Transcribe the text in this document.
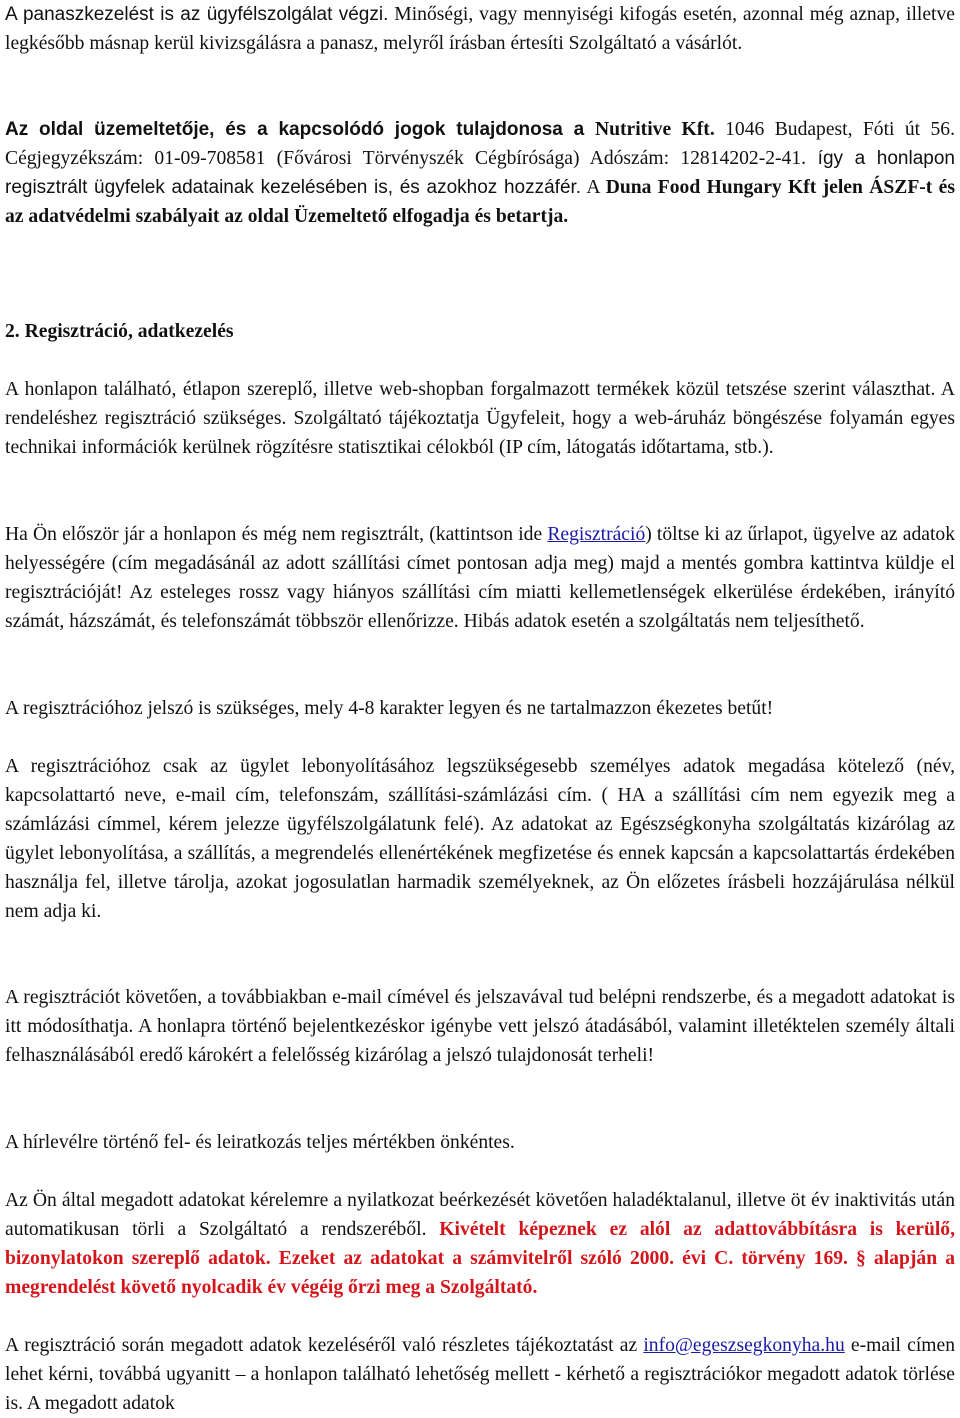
A panaszkezelést is az ügyfélszolgálat végzi. Minőségi, vagy mennyiségi kifogás esetén, azonnal még aznap, illetve legkésőbb másnap kerül kivizsgálásra a panasz, melyről írásban értesíti Szolgáltató a vásárlót.

Az oldal üzemeltetője, és a kapcsolódó jogok tulajdonosa a Nutritive Kft. 1046 Budapest, Fóti út 56. Cégjegyzékszám: 01-09-708581 (Fővárosi Törvényszék Cégbírósága) Adószám: 12814202-2-41. így a honlapon regisztrált ügyfelek adatainak kezelésében is, és azokhoz hozzáfér. A Duna Food Hungary Kft jelen ÁSZF-t és az adatvédelmi szabályait az oldal Üzemeltető elfogadja és betartja.

2. Regisztráció, adatkezelés

A honlapon található, étlapon szereplő, illetve web-shopban forgalmazott termékek közül tetszése szerint választhat. A rendeléshez regisztráció szükséges. Szolgáltató tájékoztatja Ügyfeleit, hogy a web-áruház böngészése folyamán egyes technikai információk kerülnek rögzítésre statisztikai célokból (IP cím, látogatás időtartama, stb.).

Ha Ön először jár a honlapon és még nem regisztrált, (kattintson ide Regisztráció) töltse ki az űrlapot, ügyelve az adatok helyességére (cím megadásánál az adott szállítási címet pontosan adja meg) majd a mentés gombra kattintva küldje el regisztrációját! Az esteleges rossz vagy hiányos szállítási cím miatti kellemetlenségek elkerülése érdekében, irányító számát, házszámát, és telefonszámát többször ellenőrizze. Hibás adatok esetén a szolgáltatás nem teljesíthető.

A regisztrációhoz jelszó is szükséges, mely 4-8 karakter legyen és ne tartalmazzon ékezetes betűt!

A regisztrációhoz csak az ügylet lebonyolításához legszükségesebb személyes adatok megadása kötelező (név, kapcsolattartó neve, e-mail cím, telefonszám, szállítási-számlázási cím. ( HA a szállítási cím nem egyezik meg a számlázási címmel, kérem jelezze ügyfélszolgálatunk felé). Az adatokat az Egészségkonyha szolgáltatás kizárólag az ügylet lebonyolítása, a szállítás, a megrendelés ellenértékének megfizetése és ennek kapcsán a kapcsolattartás érdekében használja fel, illetve tárolja, azokat jogosulatlan harmadik személyeknek, az Ön előzetes írásbeli hozzájárulása nélkül nem adja ki.

A regisztrációt követően, a továbbiakban e-mail címével és jelszavával tud belépni rendszerbe, és a megadott adatokat is itt módosíthatja. A honlapra történő bejelentkezéskor igénybe vett jelszó átadásából, valamint illetéktelen személy általi felhasználásából eredő károkért a felelősség kizárólag a jelszó tulajdonosát terheli!

A hírlevélre történő fel- és leiratkozás teljes mértékben önkéntes.

Az Ön által megadott adatokat kérelemre a nyilatkozat beérkezését követően haladéktalanul, illetve öt év inaktivitás után automatikusan törli a Szolgáltató a rendszeréből. Kivételt képeznek ez alól az adattovábbításra is kerülő, bizonylatokon szereplő adatok. Ezeket az adatokat a számvitelről szóló 2000. évi C. törvény 169. § alapján a megrendelést követő nyolcadik év végéig őrzi meg a Szolgáltató.

A regisztráció során megadott adatok kezeléséről való részletes tájékoztatást az info@egeszsegkonyha.hu e-mail címen lehet kérni, továbbá ugyanitt – a honlapon található lehetőség mellett - kérhető a regisztrációkor megadott adatok törlése is. A megadott adatok
